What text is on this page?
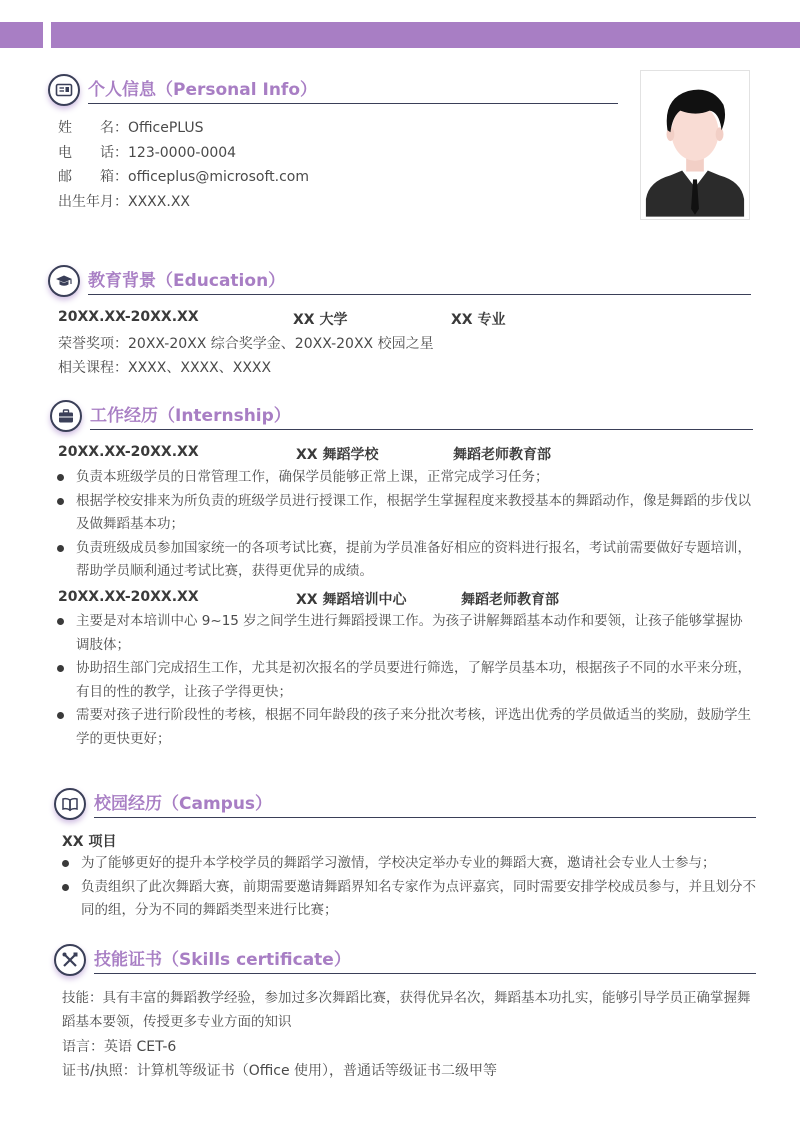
个人信息（Personal Info）
姓　　名：OfficePLUS
电　　话：123-0000-0004
邮　　箱：officeplus@microsoft.com
出生年月：XXXX.XX
教育背景（Education）
20XX.XX-20XX.XX	XX 大学	XX 专业
荣誉奖项：20XX-20XX 综合奖学金、20XX-20XX 校园之星
相关课程：XXXX、XXXX、XXXX
工作经历（Internship）
20XX.XX-20XX.XX	XX 舞蹈学校	舞蹈老师教育部
负责本班级学员的日常管理工作，确保学员能够正常上课，正常完成学习任务；
根据学校安排来为所负责的班级学员进行授课工作，根据学生掌握程度来教授基本的舞蹈动作，像是舞蹈的步伐以及做舞蹈基本功；
负责班级成员参加国家统一的各项考试比赛，提前为学员准备好相应的资料进行报名，考试前需要做好专题培训，帮助学员顺利通过考试比赛，获得更优异的成绩。
20XX.XX-20XX.XX	XX 舞蹈培训中心	舞蹈老师教育部
主要是对本培训中心 9~15 岁之间学生进行舞蹈授课工作。为孩子讲解舞蹈基本动作和要领，让孩子能够掌握协调肢体；
协助招生部门完成招生工作，尤其是初次报名的学员要进行筛选，了解学员基本功，根据孩子不同的水平来分班，有目的性的教学，让孩子学得更快；
需要对孩子进行阶段性的考核，根据不同年龄段的孩子来分批次考核，评选出优秀的学员做适当的奖励，鼓励学生学的更快更好；
校园经历（Campus）
XX 项目
为了能够更好的提升本学校学员的舞蹈学习激情，学校决定举办专业的舞蹈大赛，邀请社会专业人士参与；
负责组织了此次舞蹈大赛，前期需要邀请舞蹈界知名专家作为点评嘉宾，同时需要安排学校成员参与，并且划分不同的组，分为不同的舞蹈类型来进行比赛；
技能证书（Skills certificate）
技能：具有丰富的舞蹈教学经验，参加过多次舞蹈比赛，获得优异名次，舞蹈基本功扎实，能够引导学员正确掌握舞蹈基本要领，传授更多专业方面的知识
语言：英语 CET-6
证书/执照：计算机等级证书（Office 使用），普通话等级证书二级甲等
